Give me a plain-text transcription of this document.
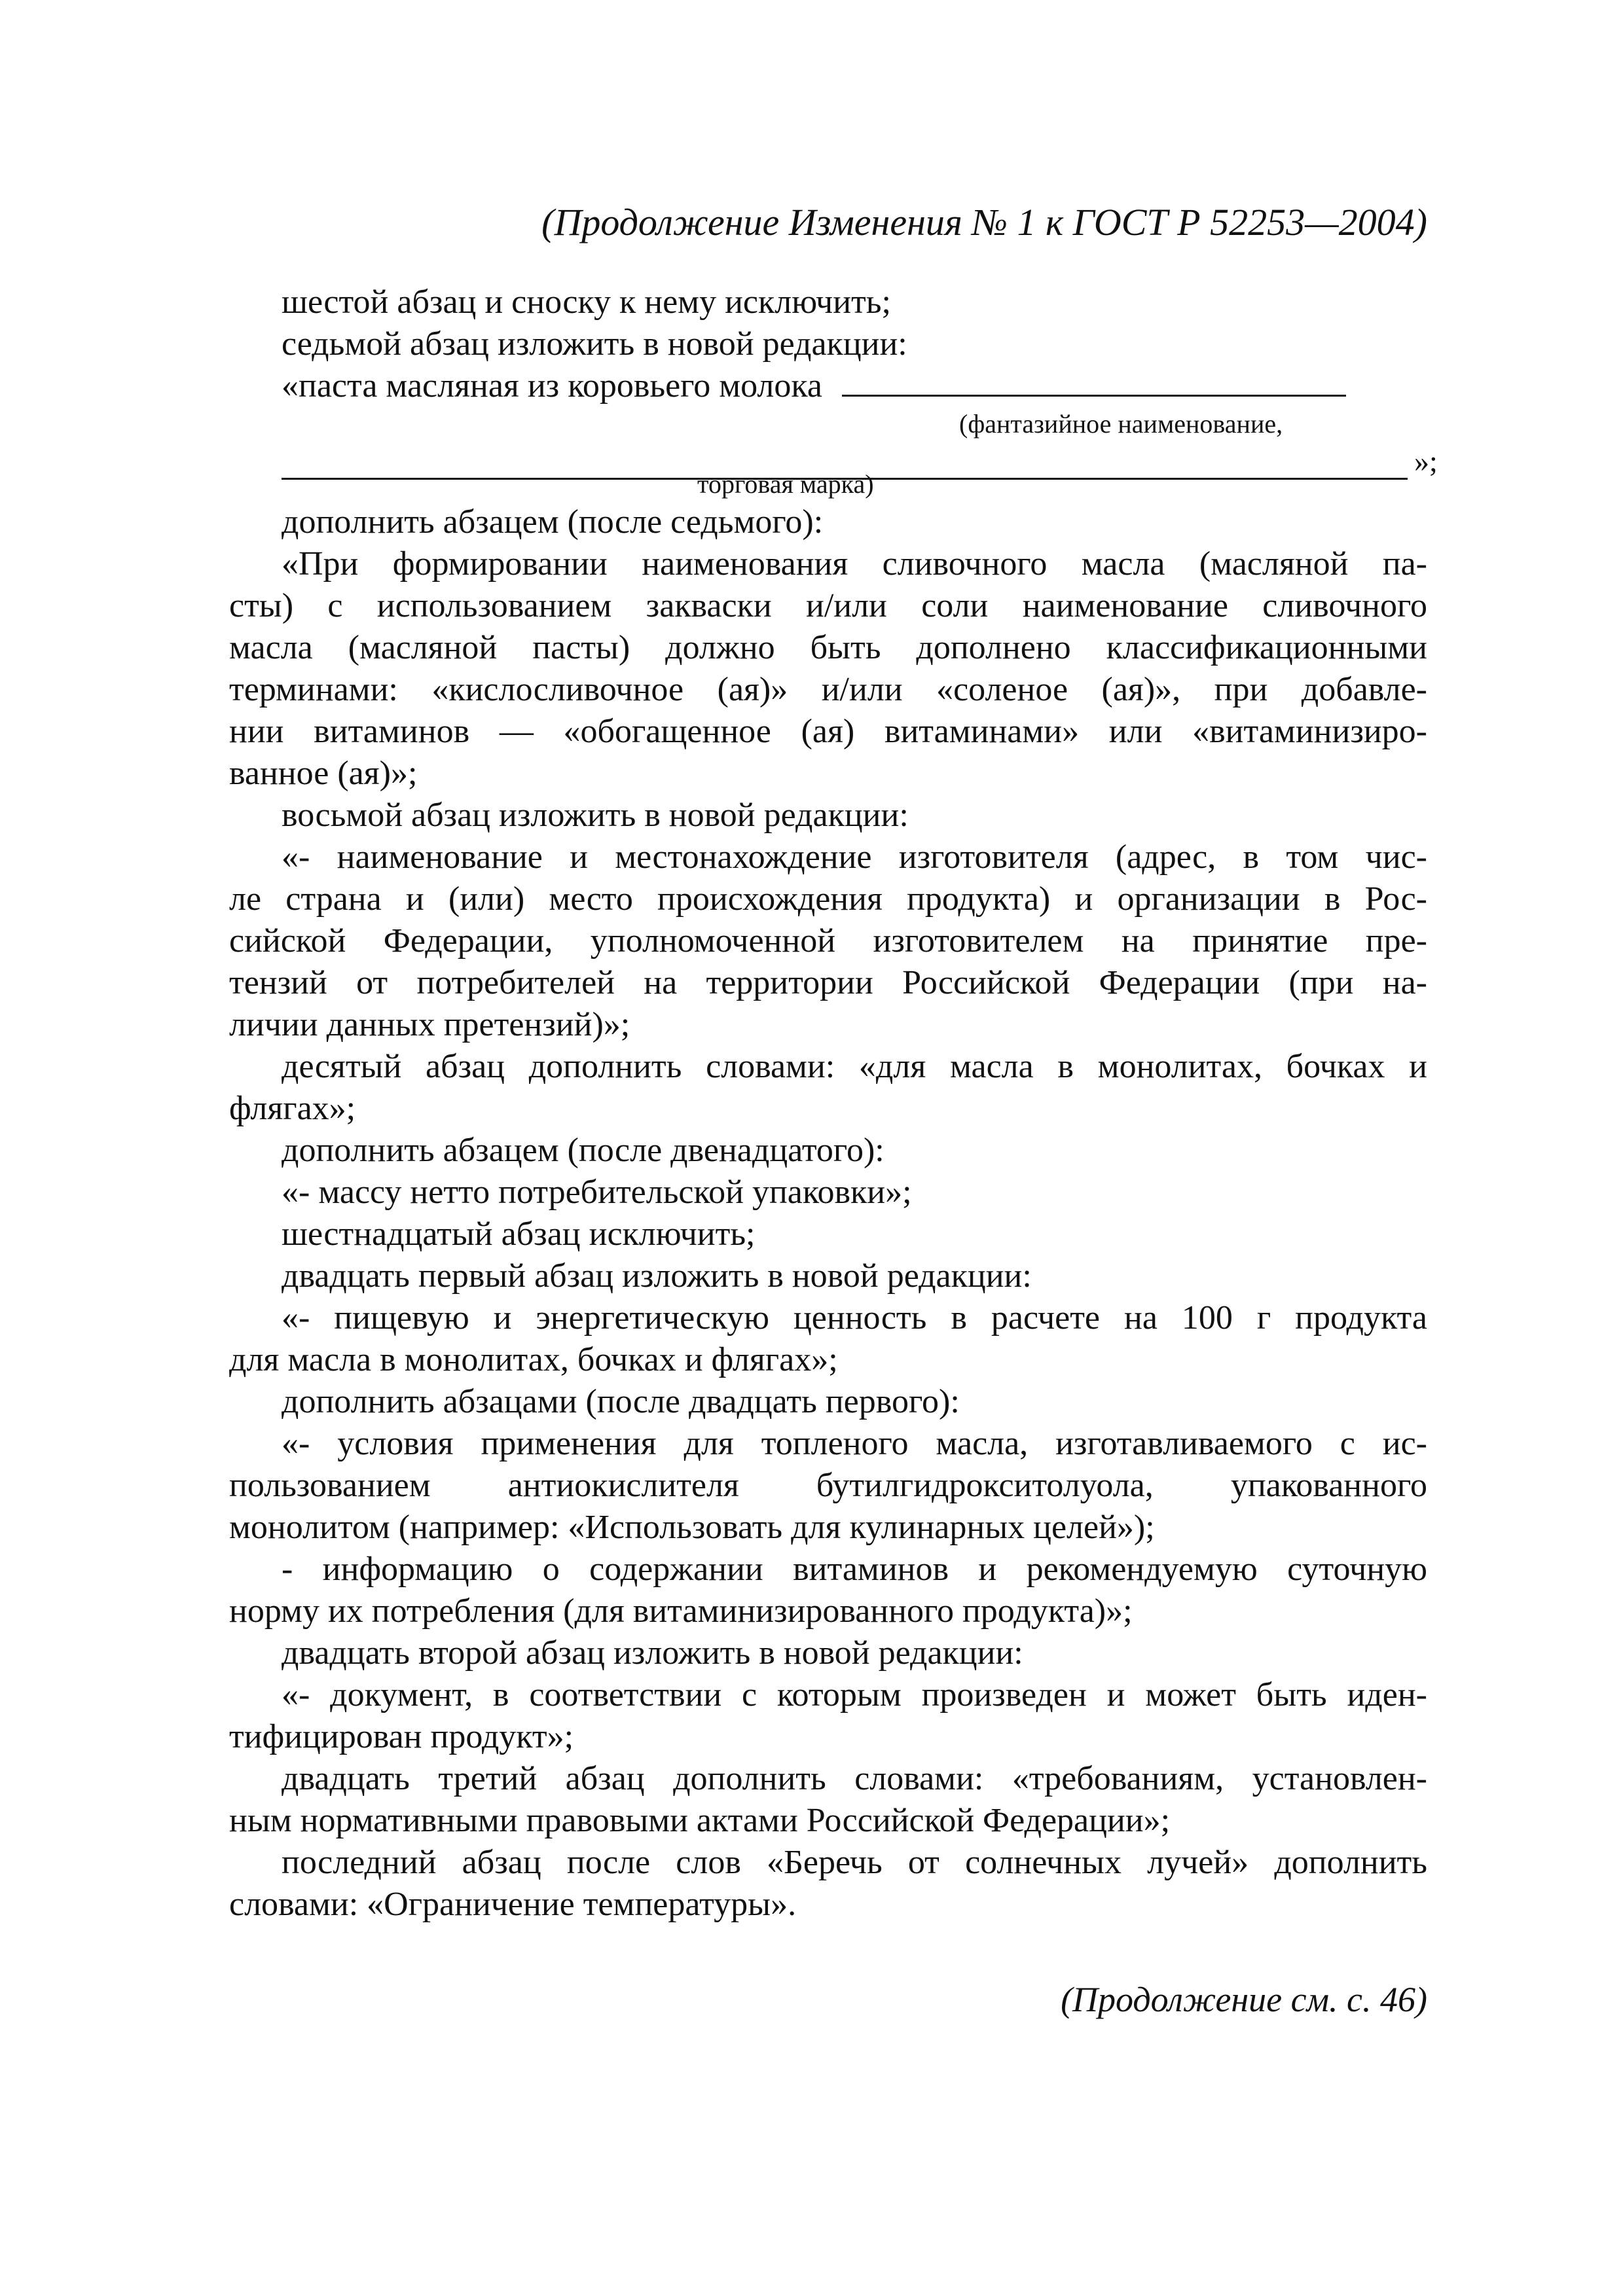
(Продолжение Изменения № 1 к ГОСТ Р 52253—2004)
шестой абзац и сноску к нему исключить;
седьмой абзац изложить в новой редакции:
«паста масляная из коровьего молока
(фантазийное наименование,
»;
торговая марка)
дополнить абзацем (после седьмого):
«При формировании наименования сливочного масла (масляной па-
сты) с использованием закваски и/или соли наименование сливочного
масла (масляной пасты) должно быть дополнено классификационными
терминами: «кислосливочное (ая)» и/или «соленое (ая)», при добавле-
нии витаминов — «обогащенное (ая) витаминами» или «витаминизиро-
ванное (ая)»;
восьмой абзац изложить в новой редакции:
«- наименование и местонахождение изготовителя (адрес, в том чис-
ле страна и (или) место происхождения продукта) и организации в Рос-
сийской Федерации, уполномоченной изготовителем на принятие пре-
тензий от потребителей на территории Российской Федерации (при на-
личии данных претензий)»;
десятый абзац дополнить словами: «для масла в монолитах, бочках и
флягах»;
дополнить абзацем (после двенадцатого):
«- массу нетто потребительской упаковки»;
шестнадцатый абзац исключить;
двадцать первый абзац изложить в новой редакции:
«- пищевую и энергетическую ценность в расчете на 100 г продукта
для масла в монолитах, бочках и флягах»;
дополнить абзацами (после двадцать первого):
«- условия применения для топленого масла, изготавливаемого с ис-
пользованием антиокислителя бутилгидрокситолуола, упакованного
монолитом (например: «Использовать для кулинарных целей»);
- информацию о содержании витаминов и рекомендуемую суточную
норму их потребления (для витаминизированного продукта)»;
двадцать второй абзац изложить в новой редакции:
«- документ, в соответствии с которым произведен и может быть иден-
тифицирован продукт»;
двадцать третий абзац дополнить словами: «требованиям, установлен-
ным нормативными правовыми актами Российской Федерации»;
последний абзац после слов «Беречь от солнечных лучей» дополнить
словами: «Ограничение температуры».
(Продолжение см. с. 46)
